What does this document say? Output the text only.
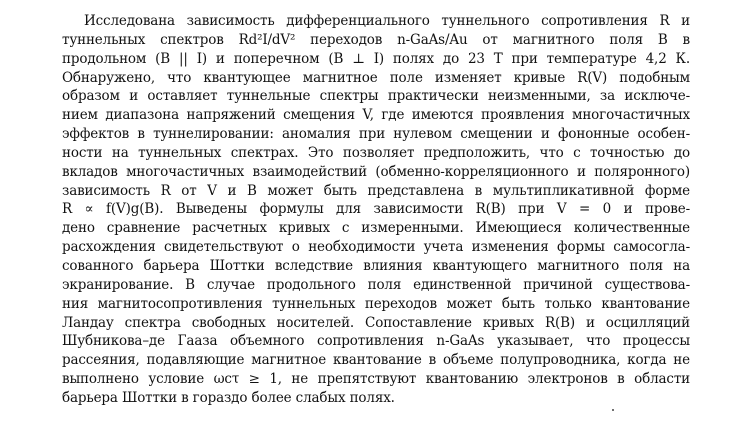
Исследована зависимость дифференциального туннельного сопротивления R и
туннельных спектров Rd²I/dV² переходов n-GaAs/Au от магнитного поля B в
продольном (B || I) и поперечном (B ⊥ I) полях до 23 Т при температуре 4,2 К.
Обнаружено, что квантующее магнитное поле изменяет кривые R(V) подобным
образом и оставляет туннельные спектры практически неизменными, за исключе-
нием диапазона напряжений смещения V, где имеются проявления многочастичных
эффектов в туннелировании: аномалия при нулевом смещении и фононные особен-
ности на туннельных спектрах. Это позволяет предположить, что с точностью до
вкладов многочастичных взаимодействий (обменно-корреляционного и поляронного)
зависимость R от V и B может быть представлена в мультипликативной форме
R ∝ f(V)g(B). Выведены формулы для зависимости R(B) при V = 0 и прове-
дено сравнение расчетных кривых с измеренными. Имеющиеся количественные
расхождения свидетельствуют о необходимости учета изменения формы самосогла-
сованного барьера Шоттки вследствие влияния квантующего магнитного поля на
экранирование. В случае продольного поля единственной причиной существова-
ния магнитосопротивления туннельных переходов может быть только квантование
Ландау спектра свободных носителей. Сопоставление кривых R(B) и осцилляций
Шубникова–де Гааза объемного сопротивления n-GaAs указывает, что процессы
рассеяния, подавляющие магнитное квантование в объеме полупроводника, когда не
выполнено условие ωcτ ≥ 1, не препятствуют квантованию электронов в области
барьера Шоттки в гораздо более слабых полях.
